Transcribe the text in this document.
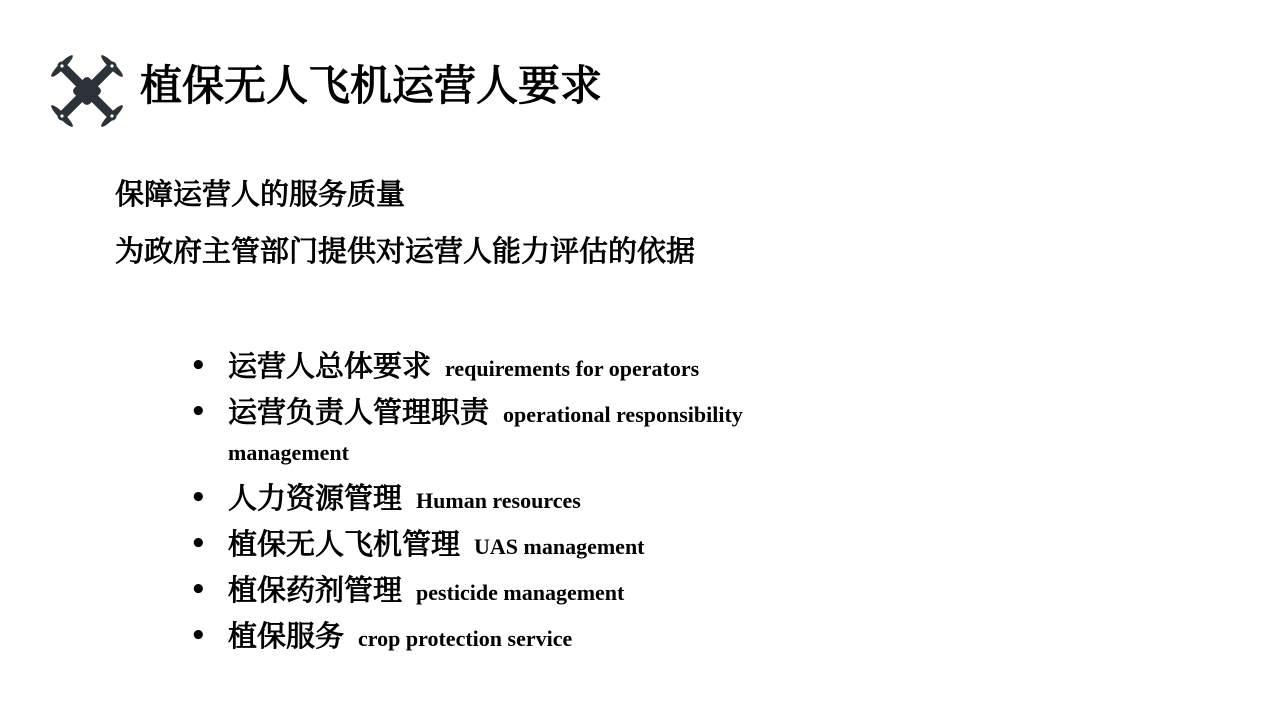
植保无人飞机运营人要求
保障运营人的服务质量
为政府主管部门提供对运营人能力评估的依据
• 运营人总体要求 requirements for operators
• 运营负责人管理职责 operational responsibility management
• 人力资源管理 Human resources
• 植保无人飞机管理 UAS management
• 植保药剂管理 pesticide management
• 植保服务 crop protection service
